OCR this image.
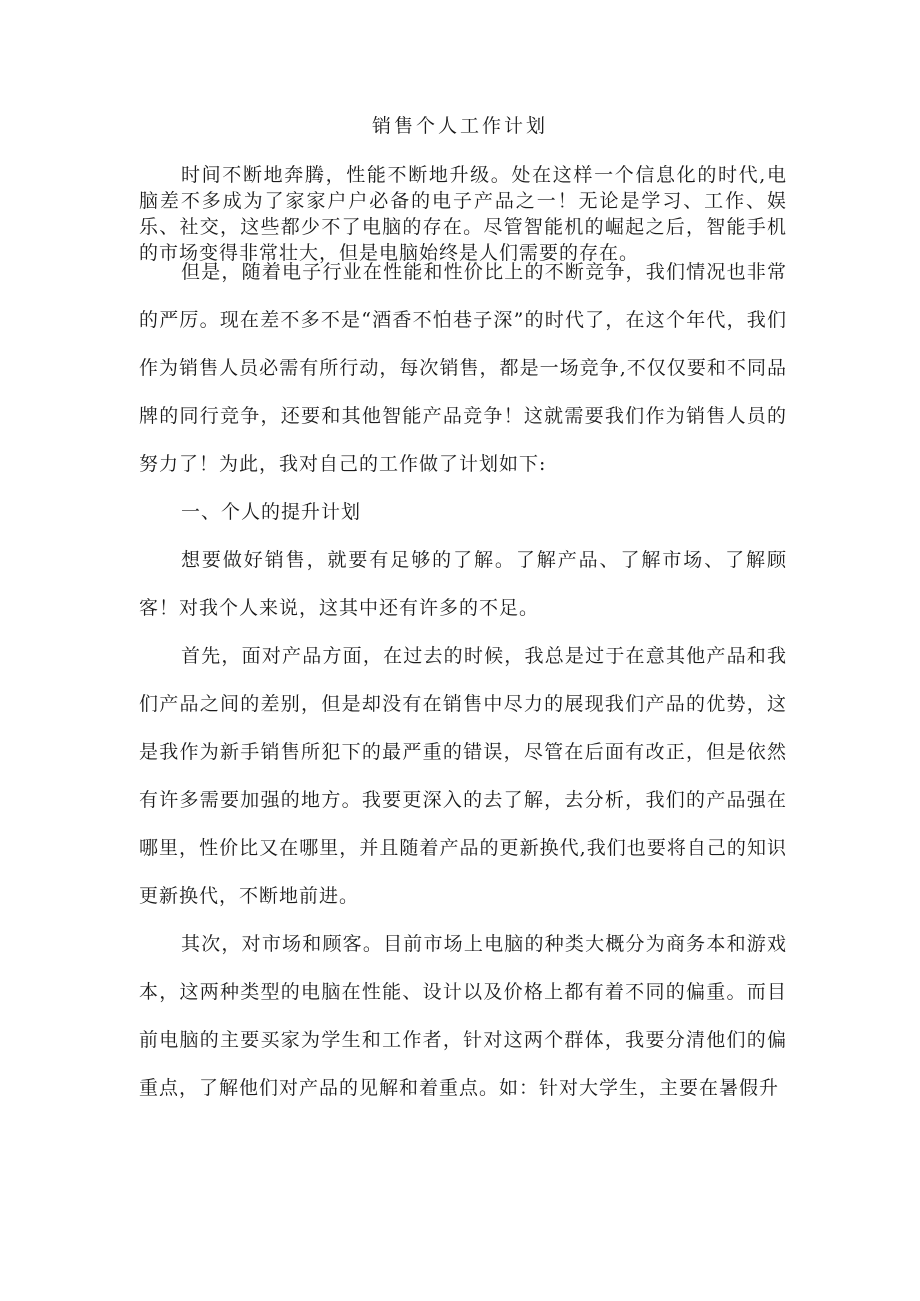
销售个人工作计划

时间不断地奔腾，性能不断地升级。处在这样一个信息化的时代,电脑差不多成为了家家户户必备的电子产品之一！无论是学习、工作、娱乐、社交，这些都少不了电脑的存在。尽管智能机的崛起之后，智能手机的市场变得非常壮大，但是电脑始终是人们需要的存在。

但是，随着电子行业在性能和性价比上的不断竞争，我们情况也非常的严厉。现在差不多不是“酒香不怕巷子深”的时代了，在这个年代，我们作为销售人员必需有所行动，每次销售，都是一场竞争,不仅仅要和不同品牌的同行竞争，还要和其他智能产品竞争！这就需要我们作为销售人员的努力了！为此，我对自己的工作做了计划如下:

一、个人的提升计划

想要做好销售，就要有足够的了解。了解产品、了解市场、了解顾客！对我个人来说，这其中还有许多的不足。

首先，面对产品方面，在过去的时候，我总是过于在意其他产品和我们产品之间的差别，但是却没有在销售中尽力的展现我们产品的优势，这是我作为新手销售所犯下的最严重的错误，尽管在后面有改正，但是依然有许多需要加强的地方。我要更深入的去了解，去分析，我们的产品强在哪里，性价比又在哪里，并且随着产品的更新换代,我们也要将自己的知识更新换代，不断地前进。

其次，对市场和顾客。目前市场上电脑的种类大概分为商务本和游戏本，这两种类型的电脑在性能、设计以及价格上都有着不同的偏重。而目前电脑的主要买家为学生和工作者，针对这两个群体，我要分清他们的偏重点，了解他们对产品的见解和着重点。如：针对大学生，主要在暑假升
